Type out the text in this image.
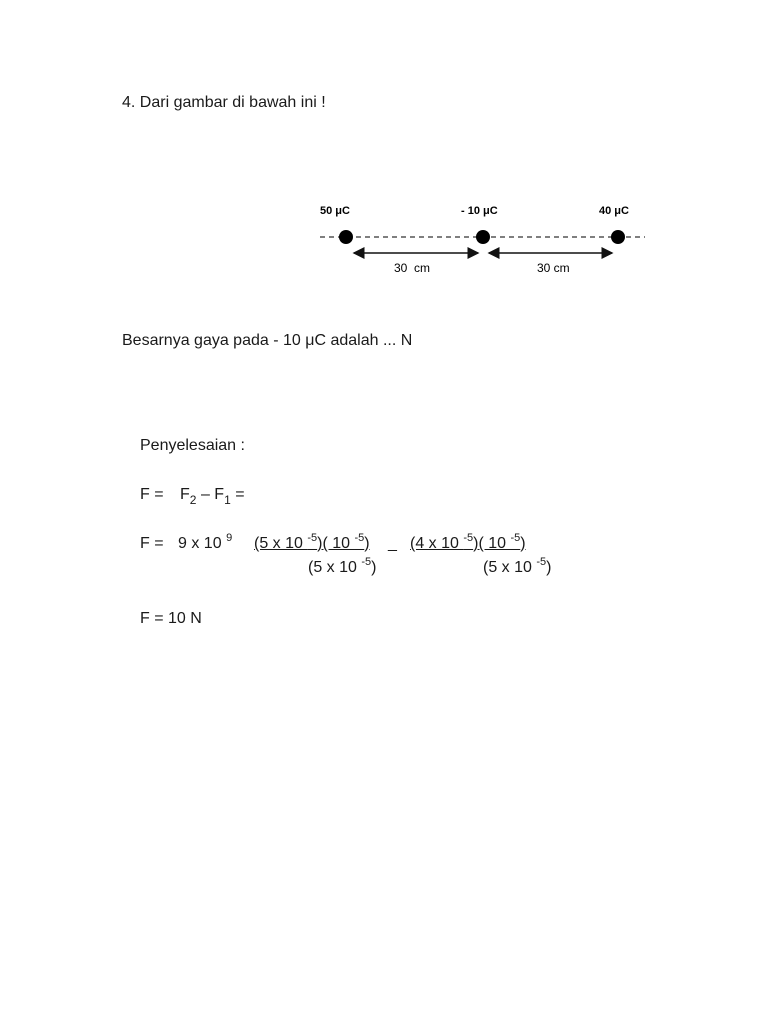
4. Dari gambar di bawah ini !
50 μC	- 10 μC	40 μC
30  cm	30 cm
Besarnya gaya pada - 10 μC adalah ... N
Penyelesaian :
$F = F_2 - F_1$ =
F = 9 x 10 $^9$ (5 x 10 $^{-5}$)( 10 $^{-5}$) _ (4 x 10 $^{-5}$)( 10 $^{-5}$)
(5 x 10 $^{-5}$)	(5 x 10 $^{-5}$)
F = 10 N
